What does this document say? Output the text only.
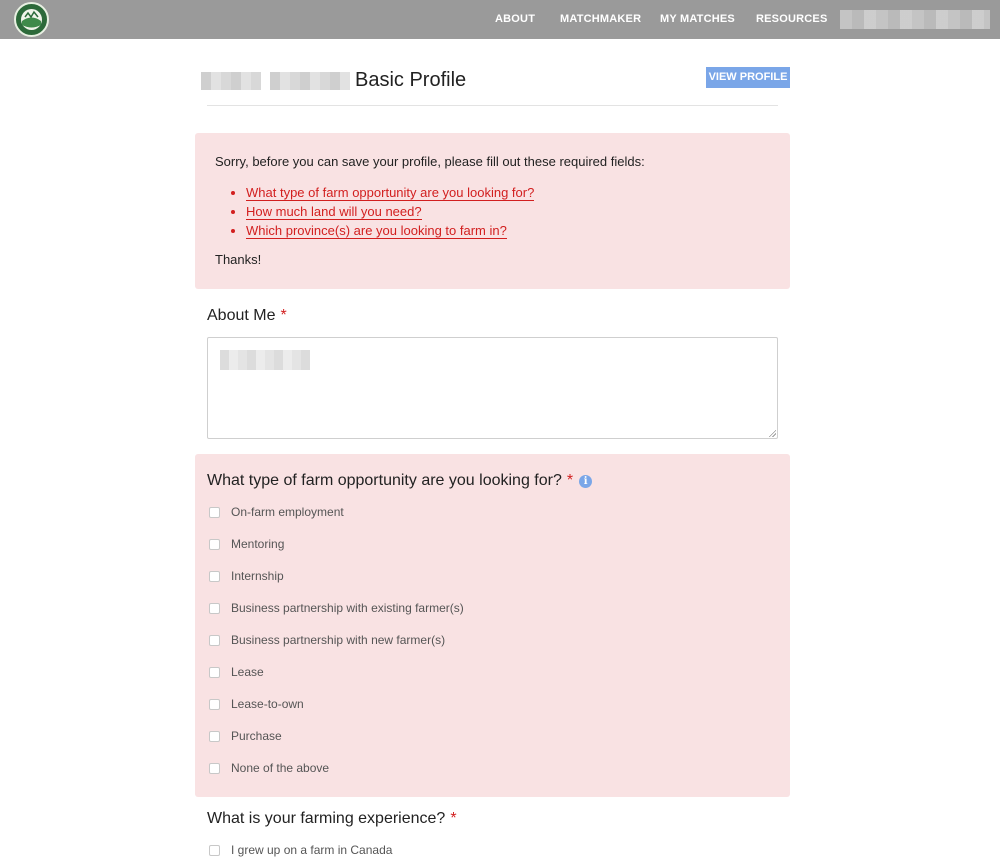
ABOUT MATCHMAKER MY MATCHES RESOURCES
Basic Profile	VIEW PROFILE
Sorry, before you can save your profile, please fill out these required fields:
What type of farm opportunity are you looking for?
How much land will you need?
Which province(s) are you looking to farm in?
Thanks!
About Me *
What type of farm opportunity are you looking for? * i
On-farm employment
Mentoring
Internship
Business partnership with existing farmer(s)
Business partnership with new farmer(s)
Lease
Lease-to-own
Purchase
None of the above
What is your farming experience? *
I grew up on a farm in Canada
